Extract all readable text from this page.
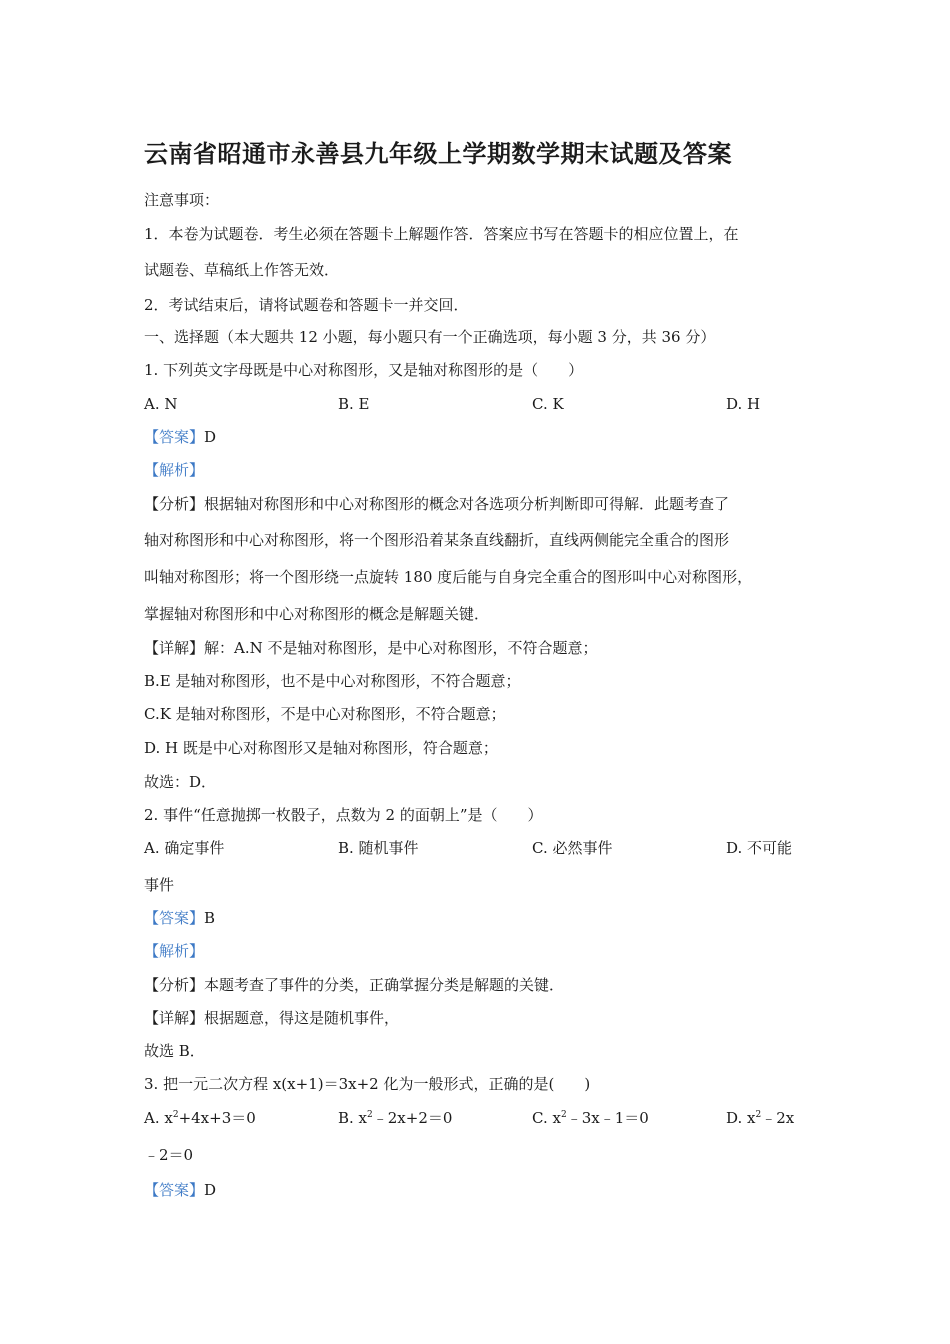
云南省昭通市永善县九年级上学期数学期末试题及答案
注意事项：
1．本卷为试题卷．考生必须在答题卡上解题作答．答案应书写在答题卡的相应位置上，在
试题卷、草稿纸上作答无效．
2．考试结束后，请将试题卷和答题卡一并交回．
一、选择题（本大题共 12 小题，每小题只有一个正确选项，每小题 3 分，共 36 分）
1. 下列英文字母既是中心对称图形，又是轴对称图形的是（　　）
A. N	B. E	C. K	D. H
【答案】D
【解析】
【分析】根据轴对称图形和中心对称图形的概念对各选项分析判断即可得解．此题考查了
轴对称图形和中心对称图形，将一个图形沿着某条直线翻折，直线两侧能完全重合的图形
叫轴对称图形；将一个图形绕一点旋转 180 度后能与自身完全重合的图形叫中心对称图形，
掌握轴对称图形和中心对称图形的概念是解题关键．
【详解】解：A.N 不是轴对称图形，是中心对称图形，不符合题意；
B.E 是轴对称图形，也不是中心对称图形，不符合题意；
C.K 是轴对称图形，不是中心对称图形，不符合题意；
D. H 既是中心对称图形又是轴对称图形，符合题意；
故选：D．
2. 事件“任意抛掷一枚骰子，点数为 2 的面朝上”是（　　）
A. 确定事件	B. 随机事件	C. 必然事件	D. 不可能
事件
【答案】B
【解析】
【分析】本题考查了事件的分类，正确掌握分类是解题的关键．
【详解】根据题意，得这是随机事件，
故选 B．
3. 把一元二次方程 x(x+1)＝3x+2 化为一般形式，正确的是(　　)
A. $x^2+4x+3=0$	B. $x^2﹣2x+2=0$	C. $x^2﹣3x﹣1=0$	D. $x^2﹣2x$
﹣2＝0
【答案】D
